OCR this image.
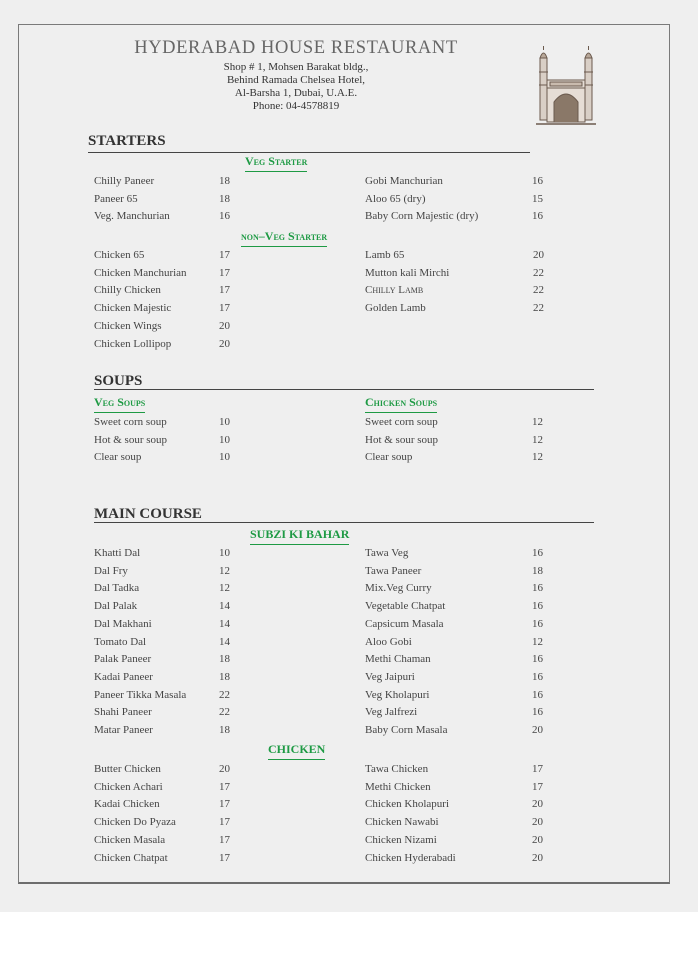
HYDERABAD HOUSE RESTAURANT
Shop # 1, Mohsen Barakat bldg.,
Behind Ramada Chelsea Hotel,
Al-Barsha 1, Dubai, U.A.E.
Phone: 04-4578819
STARTERS
Veg Starter
Chilly Paneer	18
Paneer 65	18
Veg. Manchurian	16
Gobi Manchurian	16
Aloo 65 (dry)	15
Baby Corn Majestic (dry)	16
non–Veg Starter
Chicken 65	17
Chicken Manchurian	17
Chilly Chicken	17
Chicken Majestic	17
Chicken Wings	20
Chicken Lollipop	20
Lamb 65	20
Mutton kali Mirchi	22
Chilly Lamb	22
Golden Lamb	22
SOUPS
Veg Soups	Chicken Soups
Sweet corn soup	10
Hot & sour soup	10
Clear soup	10
Sweet corn soup	12
Hot & sour soup	12
Clear soup	12
MAIN COURSE
SUBZI KI BAHAR
Khatti Dal	10
Dal Fry	12
Dal Tadka	12
Dal Palak	14
Dal Makhani	14
Tomato Dal	14
Palak Paneer	18
Kadai Paneer	18
Paneer Tikka Masala	22
Shahi Paneer	22
Matar Paneer	18
Tawa Veg	16
Tawa Paneer	18
Mix.Veg Curry	16
Vegetable Chatpat	16
Capsicum Masala	16
Aloo Gobi	12
Methi Chaman	16
Veg Jaipuri	16
Veg Kholapuri	16
Veg Jalfrezi	16
Baby Corn Masala	20
CHICKEN
Butter Chicken	20
Chicken Achari	17
Kadai Chicken	17
Chicken Do Pyaza	17
Chicken Masala	17
Chicken Chatpat	17
Tawa Chicken	17
Methi Chicken	17
Chicken Kholapuri	20
Chicken Nawabi	20
Chicken Nizami	20
Chicken Hyderabadi	20
